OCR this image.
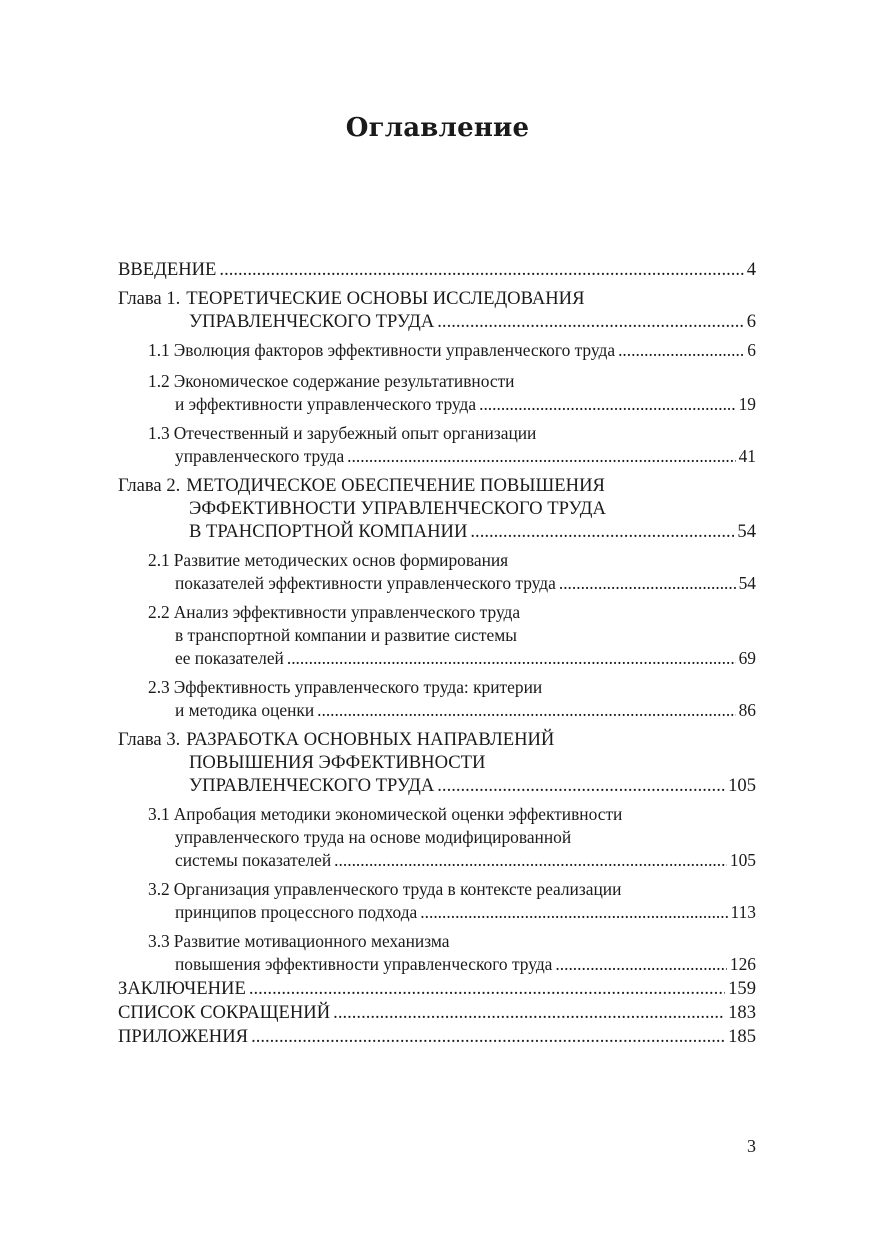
Оглавление
ВВЕДЕНИЕ .....	4
Глава 1. ТЕОРЕТИЧЕСКИЕ ОСНОВЫ ИССЛЕДОВАНИЯ
УПРАВЛЕНЧЕСКОГО ТРУДА .....	6
1.1 Эволюция факторов эффективности управленческого труда .....	6
1.2 Экономическое содержание результативности
и эффективности управленческого труда .....	19
1.3 Отечественный и зарубежный опыт организации
управленческого труда .....	41
Глава 2. МЕТОДИЧЕСКОЕ ОБЕСПЕЧЕНИЕ ПОВЫШЕНИЯ
ЭФФЕКТИВНОСТИ УПРАВЛЕНЧЕСКОГО ТРУДА
В ТРАНСПОРТНОЙ КОМПАНИИ .....	54
2.1 Развитие методических основ формирования
показателей эффективности управленческого труда .....	54
2.2 Анализ эффективности управленческого труда
в транспортной компании и развитие системы
ее показателей .....	69
2.3 Эффективность управленческого труда: критерии
и методика оценки .....	86
Глава 3. РАЗРАБОТКА ОСНОВНЫХ НАПРАВЛЕНИЙ
ПОВЫШЕНИЯ ЭФФЕКТИВНОСТИ
УПРАВЛЕНЧЕСКОГО ТРУДА .....	105
3.1 Апробация методики экономической оценки эффективности
управленческого труда на основе модифицированной
системы показателей .....	105
3.2 Организация управленческого труда в контексте реализации
принципов процессного подхода .....	113
3.3 Развитие мотивационного механизма
повышения эффективности управленческого труда .....	126
ЗАКЛЮЧЕНИЕ .....	159
СПИСОК СОКРАЩЕНИЙ .....	183
ПРИЛОЖЕНИЯ .....	185
3
